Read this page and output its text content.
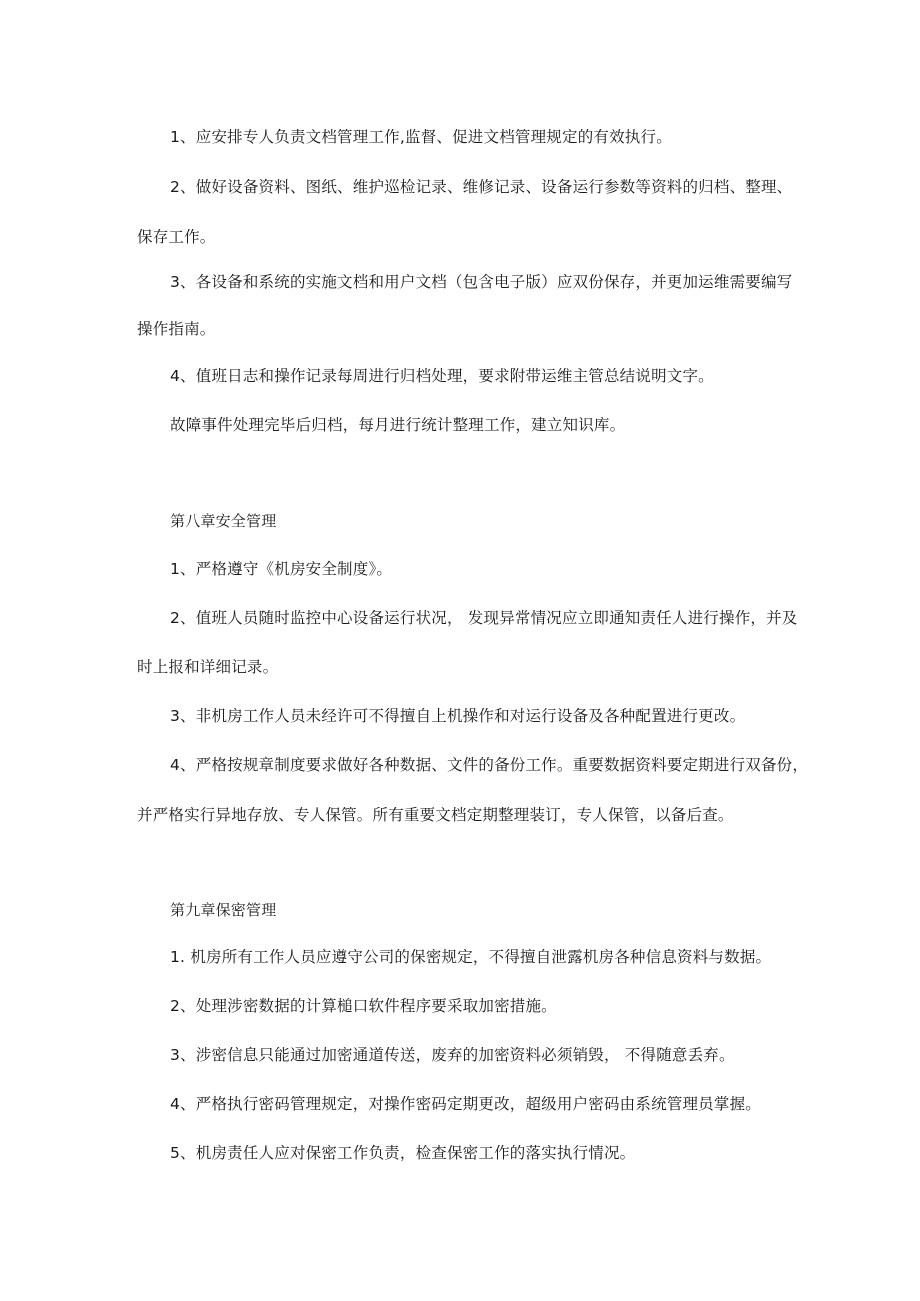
1、应安排专人负责文档管理工作,监督、促进文档管理规定的有效执行。
2、做好设备资料、图纸、维护巡检记录、维修记录、设备运行参数等资料的归档、整理、
保存工作。
3、各设备和系统的实施文档和用户文档（包含电子版）应双份保存，并更加运维需要编写
操作指南。
4、值班日志和操作记录每周进行归档处理，要求附带运维主管总结说明文字。
故障事件处理完毕后归档，每月进行统计整理工作，建立知识库。
第八章安全管理
1、严格遵守《机房安全制度》。
2、值班人员随时监控中心设备运行状况， 发现异常情况应立即通知责任人进行操作，并及
时上报和详细记录。
3、非机房工作人员未经许可不得擅自上机操作和对运行设备及各种配置进行更改。
4、严格按规章制度要求做好各种数据、文件的备份工作。重要数据资料要定期进行双备份，
并严格实行异地存放、专人保管。所有重要文档定期整理装订，专人保管，以备后查。
第九章保密管理
1. 机房所有工作人员应遵守公司的保密规定，不得擅自泄露机房各种信息资料与数据。
2、处理涉密数据的计算槌口软件程序要采取加密措施。
3、涉密信息只能通过加密通道传送，废弃的加密资料必须销毁， 不得随意丢弃。
4、严格执行密码管理规定，对操作密码定期更改，超级用户密码由系统管理员掌握。
5、机房责任人应对保密工作负责，检查保密工作的落实执行情况。
